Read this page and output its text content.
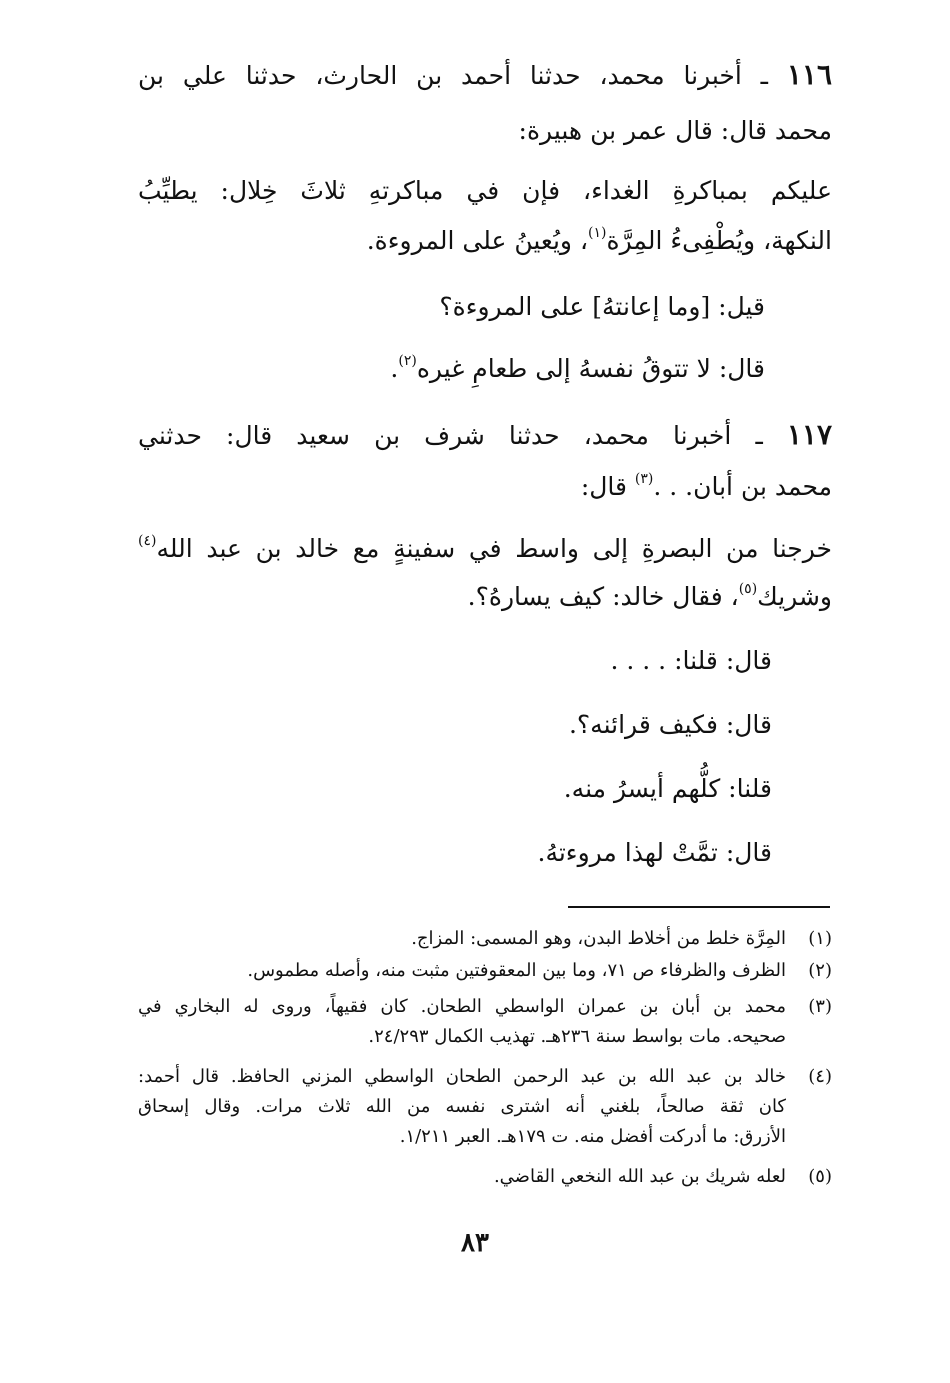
١١٦ ـ أخبرنا محمد، حدثنا أحمد بن الحارث، حدثنا علي بن
محمد قال: قال عمر بن هبيرة:
عليكم بمباكرةِ الغداء، فإن في مباكرتهِ ثلاثَ خِلال: يطيِّبُ
النكهة، ويُطْفِىءُ المِرَّة$^{(١)}$، ويُعينُ على المروءة.
قيل: [وما إعانتهُ] على المروءة؟
قال: لا تتوقُ نفسهُ إلى طعامِ غيره$^{(٢)}$.
١١٧ ـ أخبرنا محمد، حدثنا شرف بن سعيد قال: حدثني
محمد بن أبان. . .$^{(٣)}$ قال:
خرجنا من البصرةِ إلى واسط في سفينةٍ مع خالد بن عبد الله$^{(٤)}$
وشريك$^{(٥)}$، فقال خالد: كيف يسارهُ؟.
قال: قلنا: . . . .
قال: فكيف قرائنه؟.
قلنا: كلُّهم أيسرُ منه.
قال: تمَّتْ لهذا مروءتهُ.
(١)
المِرَّة خلط من أخلاط البدن، وهو المسمى: المزاج.
(٢)
الظرف والظرفاء ص ٧١، وما بين المعقوفتين مثبت منه، وأصله مطموس.
(٣)
محمد بن أبان بن عمران الواسطي الطحان. كان فقيهاً، وروى له البخاري في
صحيحه. مات بواسط سنة ٢٣٦هـ. تهذيب الكمال ٢٤/٢٩٣.
(٤)
خالد بن عبد الله بن عبد الرحمن الطحان الواسطي المزني الحافظ. قال أحمد:
كان ثقة صالحاً، بلغني أنه اشترى نفسه من الله ثلاث مرات. وقال إسحاق
الأزرق: ما أدركت أفضل منه. ت ١٧٩هـ. العبر ١/٢١١.
(٥)
لعله شريك بن عبد الله النخعي القاضي.
٨٣
